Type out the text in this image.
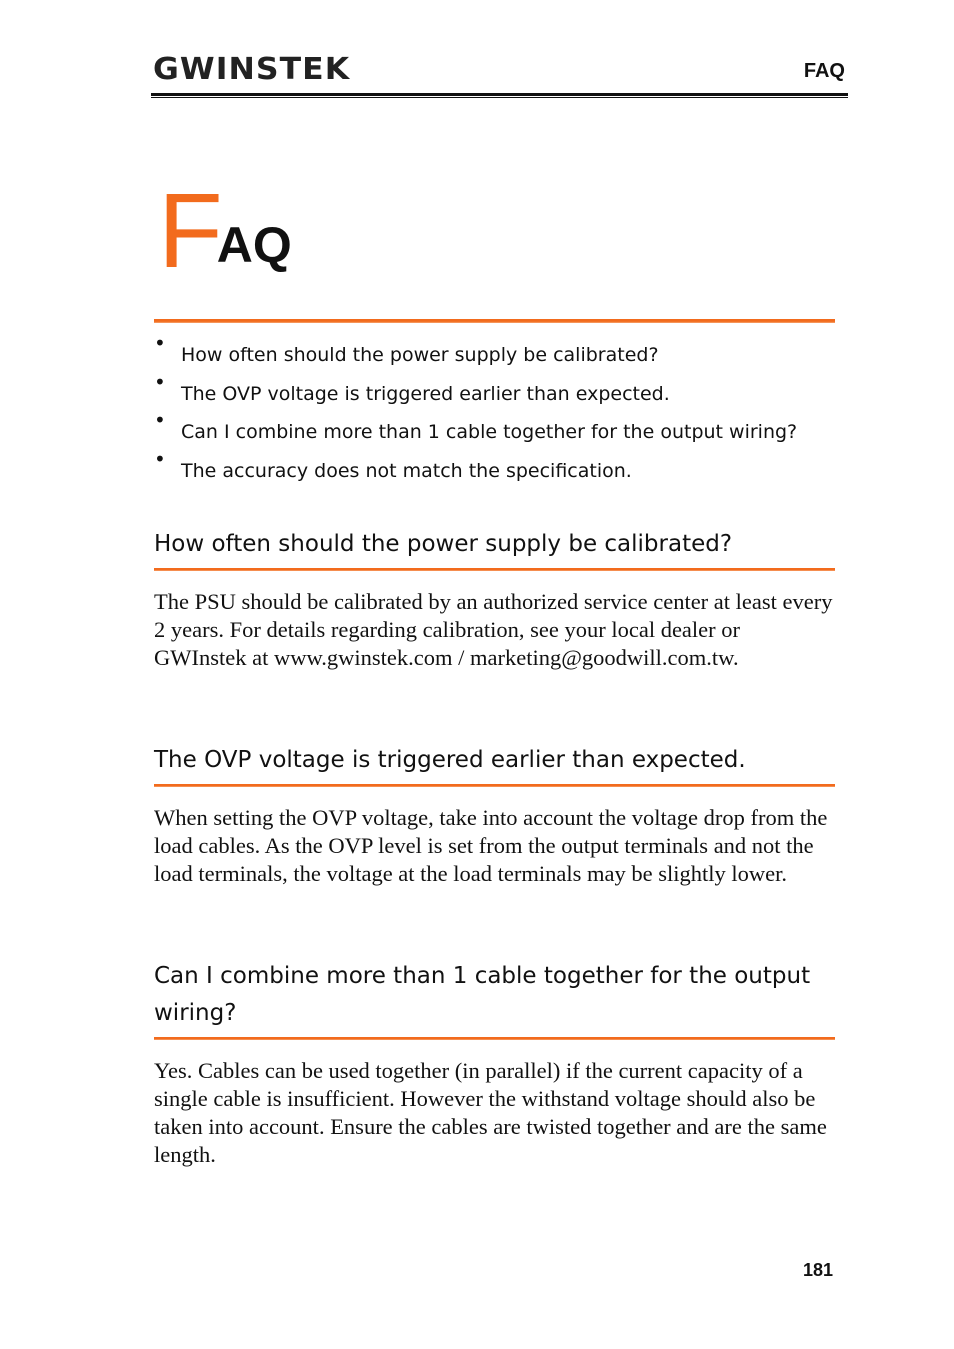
GWINSTEK	FAQ
FAQ
• How often should the power supply be calibrated?
• The OVP voltage is triggered earlier than expected.
• Can I combine more than 1 cable together for the output wiring?
• The accuracy does not match the specification.
How often should the power supply be calibrated?
The PSU should be calibrated by an authorized service center at least every 2 years. For details regarding calibration, see your local dealer or GWInstek at www.gwinstek.com / marketing@goodwill.com.tw.
The OVP voltage is triggered earlier than expected.
When setting the OVP voltage, take into account the voltage drop from the load cables. As the OVP level is set from the output terminals and not the load terminals, the voltage at the load terminals may be slightly lower.
Can I combine more than 1 cable together for the output wiring?
Yes. Cables can be used together (in parallel) if the current capacity of a single cable is insufficient. However the withstand voltage should also be taken into account. Ensure the cables are twisted together and are the same length.
181
